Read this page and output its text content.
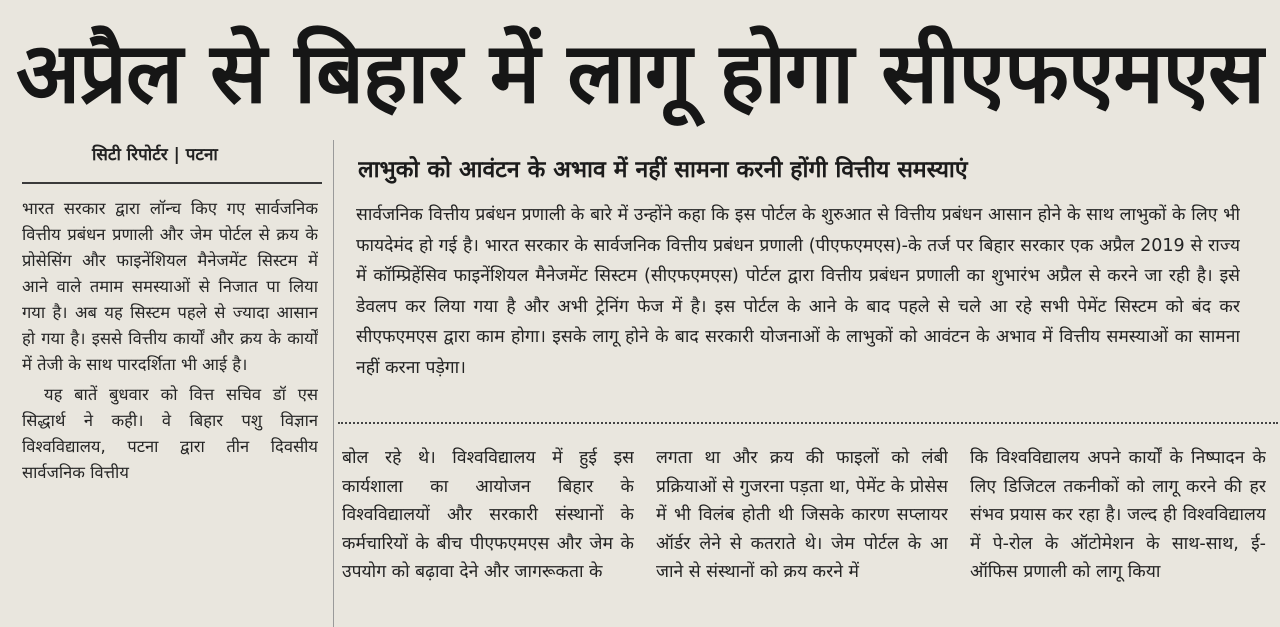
अप्रैल से बिहार में लागू होगा सीएफएमएस
सिटी रिपोर्टर | पटना

भारत सरकार द्वारा लॉन्च किए गए सार्वजनिक वित्तीय प्रबंधन प्रणाली और जेम पोर्टल से क्रय के प्रोसेसिंग और फाइनेंशियल मैनेजमेंट सिस्टम में आने वाले तमाम समस्याओं से निजात पा लिया गया है। अब यह सिस्टम पहले से ज्यादा आसान हो गया है। इससे वित्तीय कार्यों और क्रय के कार्यों में तेजी के साथ पारदर्शिता भी आई है।

यह बातें बुधवार को वित्त सचिव डॉ एस सिद्धार्थ ने कही। वे बिहार पशु विज्ञान विश्वविद्यालय, पटना द्वारा तीन दिवसीय सार्वजनिक वित्तीय

लाभुको को आवंटन के अभाव में नहीं सामना करनी होंगी वित्तीय समस्याएं
सार्वजनिक वित्तीय प्रबंधन प्रणाली के बारे में उन्होंने कहा कि इस पोर्टल के शुरुआत से वित्तीय प्रबंधन आसान होने के साथ लाभुकों के लिए भी फायदेमंद हो गई है। भारत सरकार के सार्वजनिक वित्तीय प्रबंधन प्रणाली (पीएफएमएस)-के तर्ज पर बिहार सरकार एक अप्रैल 2019 से राज्य में कॉम्प्रिहेंसिव फाइनेंशियल मैनेजमेंट सिस्टम (सीएफएमएस) पोर्टल द्वारा वित्तीय प्रबंधन प्रणाली का शुभारंभ अप्रैल से करने जा रही है। इसे डेवलप कर लिया गया है और अभी ट्रेनिंग फेज में है। इस पोर्टल के आने के बाद पहले से चले आ रहे सभी पेमेंट सिस्टम को बंद कर सीएफएमएस द्वारा काम होगा। इसके लागू होने के बाद सरकारी योजनाओं के लाभुकों को आवंटन के अभाव में वित्तीय समस्याओं का सामना नहीं करना पड़ेगा।
बोल रहे थे। विश्वविद्यालय में हुई इस कार्यशाला का आयोजन बिहार के विश्वविद्यालयों और सरकारी संस्थानों के कर्मचारियों के बीच पीएफएमएस और जेम के उपयोग को बढ़ावा देने और जागरूकता के
लगता था और क्रय की फाइलों को लंबी प्रक्रियाओं से गुजरना पड़ता था, पेमेंट के प्रोसेस में भी विलंब होती थी जिसके कारण सप्लायर ऑर्डर लेने से कतराते थे। जेम पोर्टल के आ जाने से संस्थानों को क्रय करने में
कि विश्वविद्यालय अपने कार्यों के निष्पादन के लिए डिजिटल तकनीकों को लागू करने की हर संभव प्रयास कर रहा है। जल्द ही विश्वविद्यालय में पे-रोल के ऑटोमेशन के साथ-साथ, ई-ऑफिस प्रणाली को लागू किया
